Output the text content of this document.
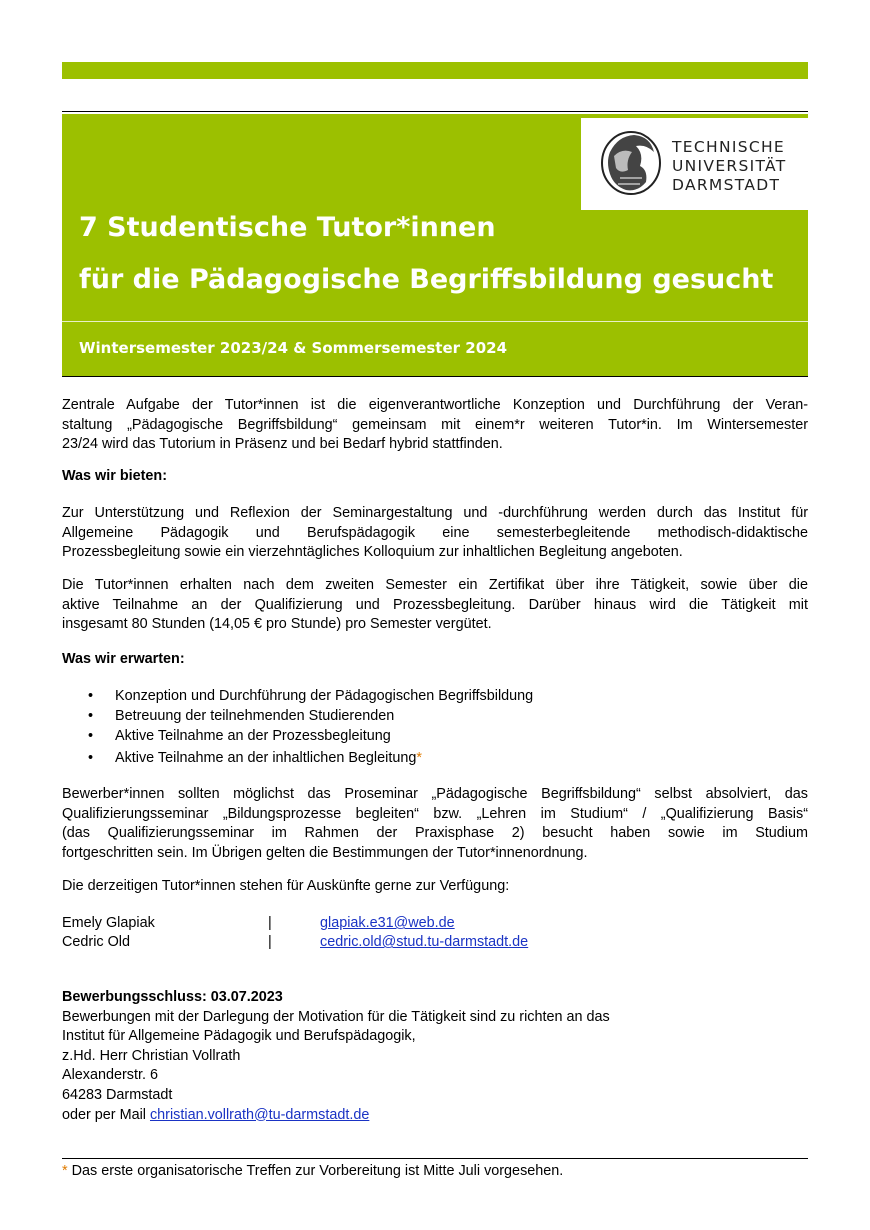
TECHNISCHE
UNIVERSITÄT
DARMSTADT
7 Studentische Tutor*innen
für die Pädagogische Begriffsbildung gesucht
Wintersemester 2023/24 & Sommersemester 2024
Zentrale Aufgabe der Tutor*innen ist die eigenverantwortliche Konzeption und Durchführung der Veran-
staltung „Pädagogische Begriffsbildung“ gemeinsam mit einem*r weiteren Tutor*in. Im Wintersemester
23/24 wird das Tutorium in Präsenz und bei Bedarf hybrid stattfinden.
Was wir bieten:
Zur Unterstützung und Reflexion der Seminargestaltung und -durchführung werden durch das Institut für
Allgemeine Pädagogik und Berufspädagogik eine semesterbegleitende methodisch-didaktische
Prozessbegleitung sowie ein vierzehntägliches Kolloquium zur inhaltlichen Begleitung angeboten.
Die Tutor*innen erhalten nach dem zweiten Semester ein Zertifikat über ihre Tätigkeit, sowie über die
aktive Teilnahme an der Qualifizierung und Prozessbegleitung. Darüber hinaus wird die Tätigkeit mit
insgesamt 80 Stunden (14,05 € pro Stunde) pro Semester vergütet.
Was wir erwarten:
• Konzeption und Durchführung der Pädagogischen Begriffsbildung
• Betreuung der teilnehmenden Studierenden
• Aktive Teilnahme an der Prozessbegleitung
• Aktive Teilnahme an der inhaltlichen Begleitung*
Bewerber*innen sollten möglichst das Proseminar „Pädagogische Begriffsbildung“ selbst absolviert, das
Qualifizierungsseminar „Bildungsprozesse begleiten“ bzw. „Lehren im Studium“ / „Qualifizierung Basis“
(das Qualifizierungsseminar im Rahmen der Praxisphase 2) besucht haben sowie im Studium
fortgeschritten sein. Im Übrigen gelten die Bestimmungen der Tutor*innenordnung.
Die derzeitigen Tutor*innen stehen für Auskünfte gerne zur Verfügung:
Emely Glapiak	|	glapiak.e31@web.de
Cedric Old	|	cedric.old@stud.tu-darmstadt.de
Bewerbungsschluss: 03.07.2023
Bewerbungen mit der Darlegung der Motivation für die Tätigkeit sind zu richten an das
Institut für Allgemeine Pädagogik und Berufspädagogik,
z.Hd. Herr Christian Vollrath
Alexanderstr. 6
64283 Darmstadt
oder per Mail christian.vollrath@tu-darmstadt.de
* Das erste organisatorische Treffen zur Vorbereitung ist Mitte Juli vorgesehen.
